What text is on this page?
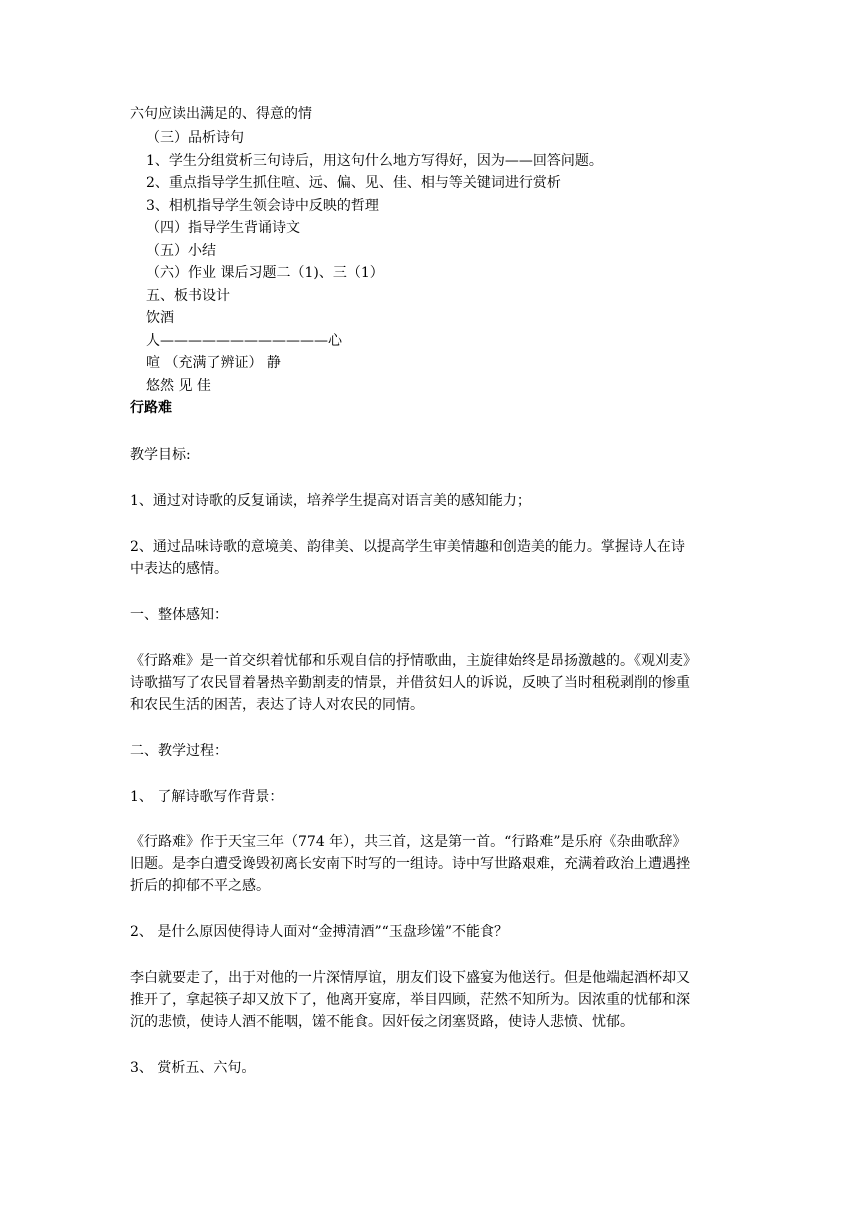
六句应读出满足的、得意的情
（三）品析诗句
1、学生分组赏析三句诗后，用这句什么地方写得好，因为——回答问题。
2、重点指导学生抓住喧、远、偏、见、佳、相与等关键词进行赏析
3、相机指导学生领会诗中反映的哲理
（四）指导学生背诵诗文
（五）小结
（六）作业 课后习题二（1)、三（1）
五、板书设计
饮酒
人————————————心
喧 （充满了辨证） 静
悠然 见 佳
行路难
教学目标:
1、通过对诗歌的反复诵读，培养学生提高对语言美的感知能力；
2、通过品味诗歌的意境美、韵律美、以提高学生审美情趣和创造美的能力。掌握诗人在诗
中表达的感情。
一、整体感知：
《行路难》是一首交织着忧郁和乐观自信的抒情歌曲，主旋律始终是昂扬激越的。《观刈麦》
诗歌描写了农民冒着暑热辛勤割麦的情景，并借贫妇人的诉说，反映了当时租税剥削的惨重
和农民生活的困苦，表达了诗人对农民的同情。
二、教学过程：
1、 了解诗歌写作背景：
《行路难》作于天宝三年（774 年），共三首，这是第一首。“行路难”是乐府《杂曲歌辞》
旧题。是李白遭受谗毁初离长安南下时写的一组诗。诗中写世路艰难，充满着政治上遭遇挫
折后的抑郁不平之感。
2、 是什么原因使得诗人面对“金搏清酒”“玉盘珍馐”不能食？
李白就要走了，出于对他的一片深情厚谊，朋友们设下盛宴为他送行。但是他端起酒杯却又
推开了，拿起筷子却又放下了，他离开宴席，举目四顾，茫然不知所为。因浓重的忧郁和深
沉的悲愤，使诗人酒不能咽，馐不能食。因奸佞之闭塞贤路，使诗人悲愤、忧郁。
3、 赏析五、六句。
